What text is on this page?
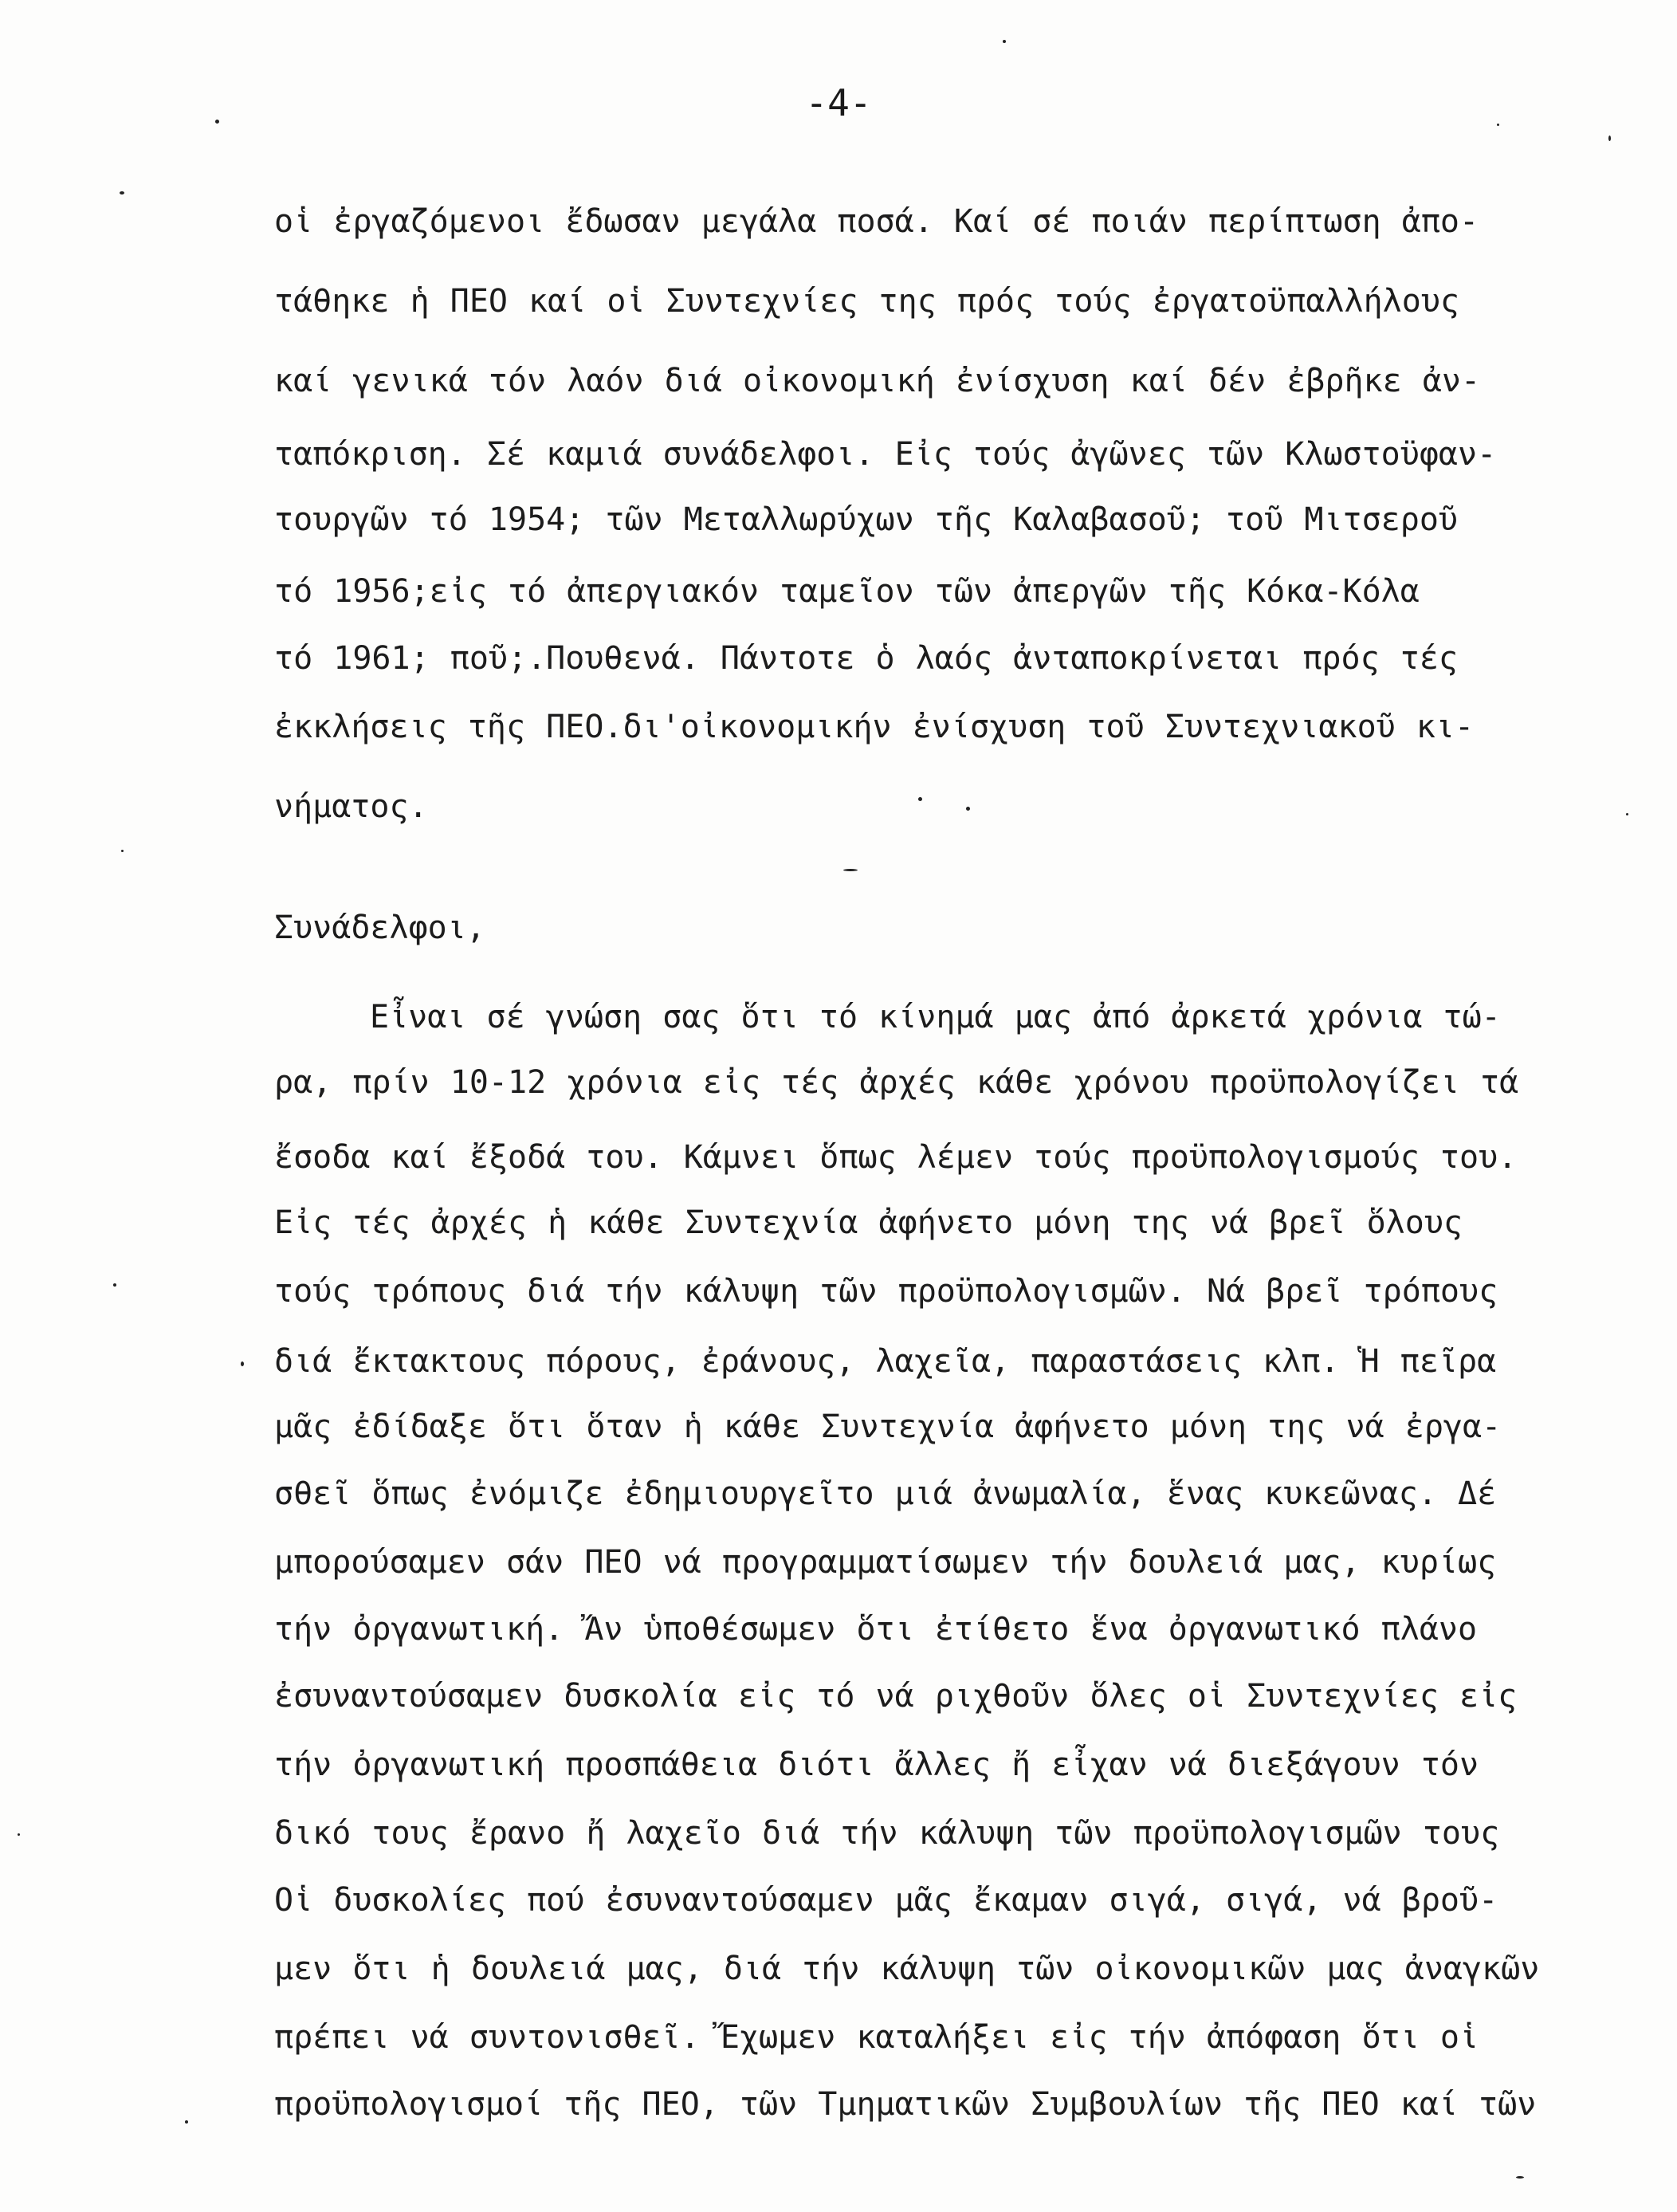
-4-
οἱ ἐργαζόμενοι ἔδωσαν μεγάλα ποσά. Καί σέ ποιάν περίπτωση ἀπο-
τάθηκε ἡ ΠΕΟ καί οἱ Συντεχνίες της πρός τούς ἐργατοϋπαλλήλους
καί γενικά τόν λαόν διά οἰκονομική ἐνίσχυση καί δέν ἐβρῆκε ἀν-
ταπόκριση. Σέ καμιά συνάδελφοι. Εἰς τούς ἀγῶνες τῶν Κλωστοϋφαν-
τουργῶν τό 1954; τῶν Μεταλλωρύχων τῆς Καλαβασοῦ; τοῦ Μιτσεροῦ
τό 1956;εἰς τό ἀπεργιακόν ταμεῖον τῶν ἀπεργῶν τῆς Κόκα-Κόλα
τό 1961; ποῦ;.Πουθενά. Πάντοτε ὁ λαός ἀνταποκρίνεται πρός τές
ἐκκλήσεις τῆς ΠΕΟ.δι'οἰκονομικήν ἐνίσχυση τοῦ Συντεχνιακοῦ κι-
νήματος.
Συνάδελφοι,
Εἶναι σέ γνώση σας ὅτι τό κίνημά μας ἀπό ἀρκετά χρόνια τώ-
ρα, πρίν 10-12 χρόνια εἰς τές ἀρχές κάθε χρόνου προϋπολογίζει τά
ἔσοδα καί ἔξοδά του. Κάμνει ὅπως λέμεν τούς προϋπολογισμούς του.
Εἰς τές ἀρχές ἡ κάθε Συντεχνία ἀφήνετο μόνη της νά βρεῖ ὅλους
τούς τρόπους διά τήν κάλυψη τῶν προϋπολογισμῶν. Νά βρεῖ τρόπους
διά ἔκτακτους πόρους, ἐράνους, λαχεῖα, παραστάσεις κλπ. Ἡ πεῖρα
μᾶς ἐδίδαξε ὅτι ὅταν ἡ κάθε Συντεχνία ἀφήνετο μόνη της νά ἐργα-
σθεῖ ὅπως ἐνόμιζε ἐδημιουργεῖτο μιά ἀνωμαλία, ἕνας κυκεῶνας. Δέ
μπορούσαμεν σάν ΠΕΟ νά προγραμματίσωμεν τήν δουλειά μας, κυρίως
τήν ὀργανωτική. Ἄν ὑποθέσωμεν ὅτι ἐτίθετο ἕνα ὀργανωτικό πλάνο
ἐσυναντούσαμεν δυσκολία εἰς τό νά ριχθοῦν ὅλες οἱ Συντεχνίες εἰς
τήν ὀργανωτική προσπάθεια διότι ἄλλες ἤ εἶχαν νά διεξάγουν τόν
δικό τους ἔρανο ἤ λαχεῖο διά τήν κάλυψη τῶν προϋπολογισμῶν τους
Οἱ δυσκολίες πού ἐσυναντούσαμεν μᾶς ἔκαμαν σιγά, σιγά, νά βροῦ-
μεν ὅτι ἡ δουλειά μας, διά τήν κάλυψη τῶν οἰκονομικῶν μας ἀναγκῶν
πρέπει νά συντονισθεῖ. Ἔχωμεν καταλήξει εἰς τήν ἀπόφαση ὅτι οἱ
προϋπολογισμοί τῆς ΠΕΟ, τῶν Τμηματικῶν Συμβουλίων τῆς ΠΕΟ καί τῶν
